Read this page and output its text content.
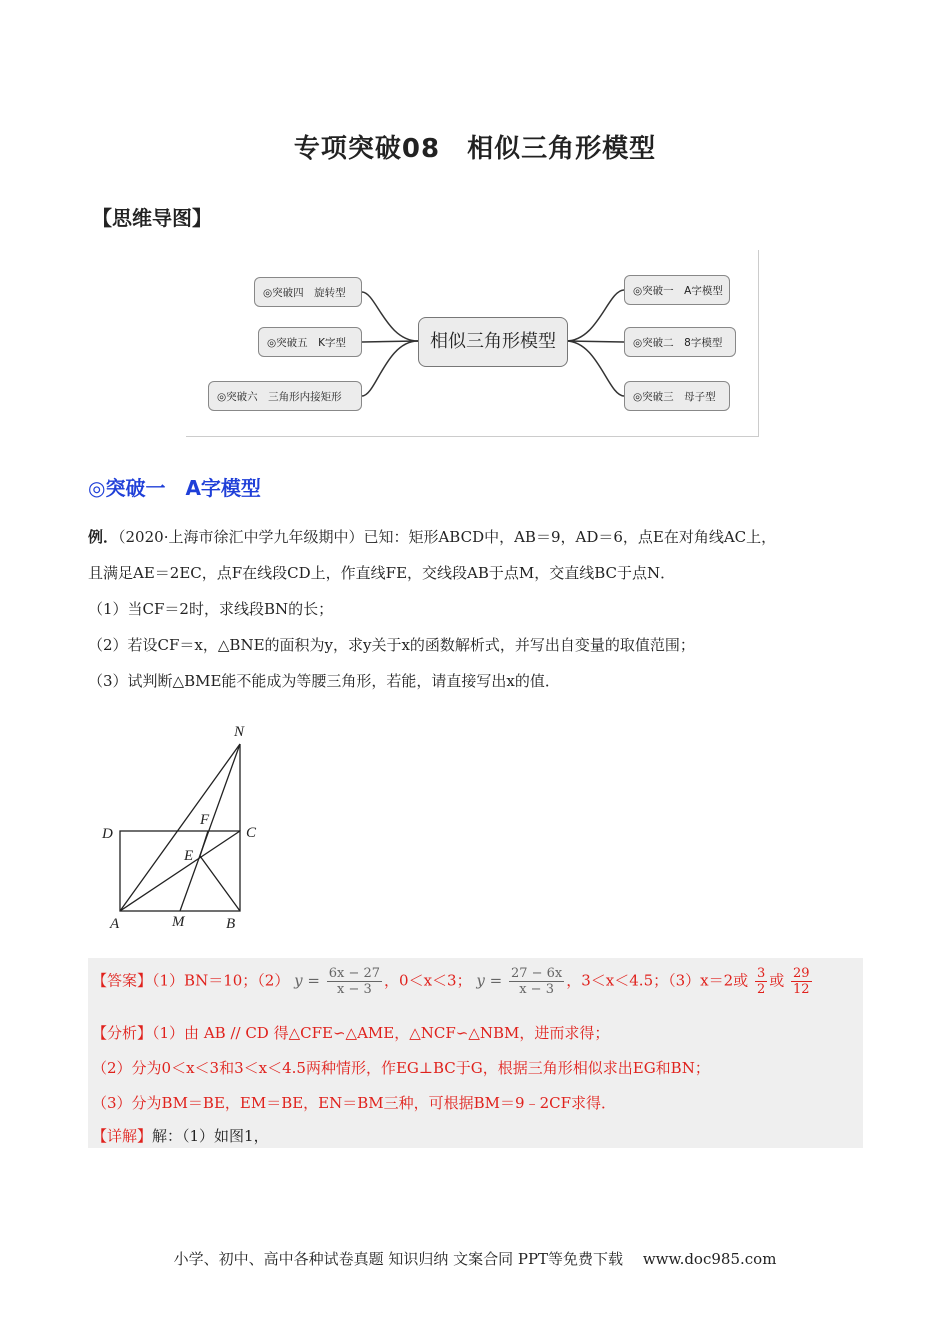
专项突破08　相似三角形模型
【思维导图】
相似三角形模型
◎突破四　旋转型
◎突破五　K字型
◎突破六　三角形内接矩形
◎突破一　A字模型
◎突破二　8字模型
◎突破三　母子型
◎突破一　A字模型
例．（2020·上海市徐汇中学九年级期中）已知：矩形ABCD中，AB＝9，AD＝6，点E在对角线AC上，
且满足AE＝2EC，点F在线段CD上，作直线FE，交线段AB于点M，交直线BC于点N．
（1）当CF＝2时，求线段BN的长；
（2）若设CF＝x，△BNE的面积为y，求y关于x的函数解析式，并写出自变量的取值范围；
（3）试判断△BME能不能成为等腰三角形，若能，请直接写出x的值．
N
F
D	C
E
A	M	B
【答案】（1）BN＝10；（2） $y = \frac{6x - 27}{x - 3}$ ，0＜x＜3； $y = \frac{27 - 6x}{x - 3}$ ，3＜x＜4.5；（3）x＝2或 $\frac{3}{2}$ 或 $\frac{29}{12}$
【分析】（1）由 AB // CD 得△CFE∽△AME，△NCF∽△NBM，进而求得；
（2）分为0＜x＜3和3＜x＜4.5两种情形，作EG⊥BC于G，根据三角形相似求出EG和BN；
（3）分为BM＝BE，EM＝BE，EN＝BM三种，可根据BM＝9﹣2CF求得．
【详解】解：（1）如图1，
小学、初中、高中各种试卷真题 知识归纳 文案合同 PPT等免费下载　 www.doc985.com
